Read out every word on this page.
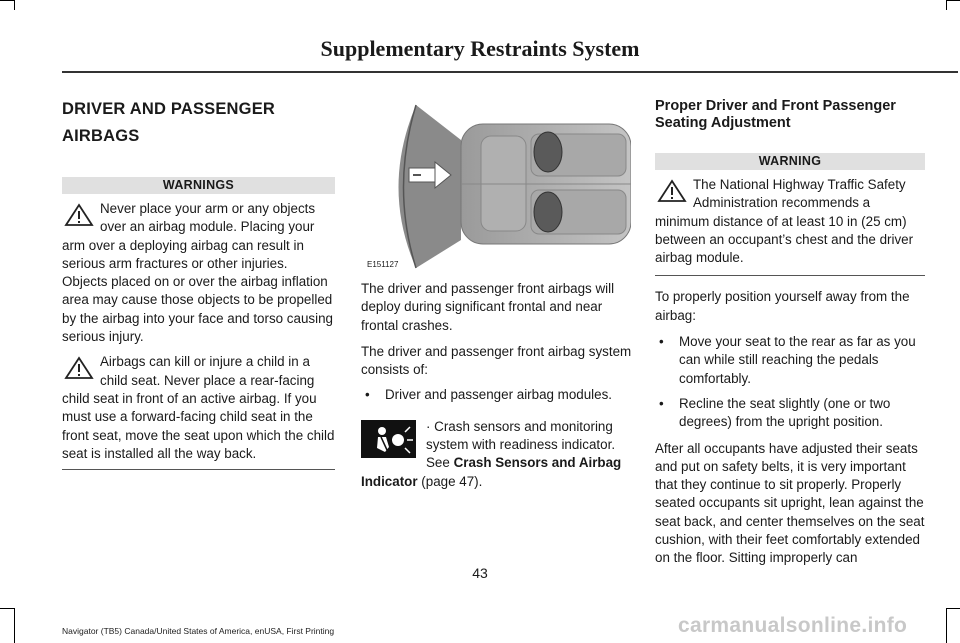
Supplementary Restraints System
DRIVER AND PASSENGER
AIRBAGS
WARNINGS

Never place your arm or any objects over an airbag module. Placing your arm over a deploying airbag can result in serious arm fractures or other injuries. Objects placed on or over the airbag inflation area may cause those objects to be propelled by the airbag into your face and torso causing serious injury.

Airbags can kill or injure a child in a child seat. Never place a rear-facing child seat in front of an active airbag. If you must use a forward-facing child seat in the front seat, move the seat upon which the child seat is installed all the way back.

E151127

The driver and passenger front airbags will deploy during significant frontal and near frontal crashes.

The driver and passenger front airbag system consists of:

•	Driver and passenger airbag modules.

· Crash sensors and monitoring system with readiness indicator. See Crash Sensors and Airbag Indicator (page 47).

Proper Driver and Front Passenger Seating Adjustment
WARNING

The National Highway Traffic Safety Administration recommends a minimum distance of at least 10 in (25 cm) between an occupant’s chest and the driver airbag module.

To properly position yourself away from the airbag:

•	Move your seat to the rear as far as you can while still reaching the pedals comfortably.
•	Recline the seat slightly (one or two degrees) from the upright position.

After all occupants have adjusted their seats and put on safety belts, it is very important that they continue to sit properly. Properly seated occupants sit upright, lean against the seat back, and center themselves on the seat cushion, with their feet comfortably extended on the floor. Sitting improperly can

43
Navigator (TB5) Canada/United States of America, enUSA, First Printing	carmanualsonline.info
